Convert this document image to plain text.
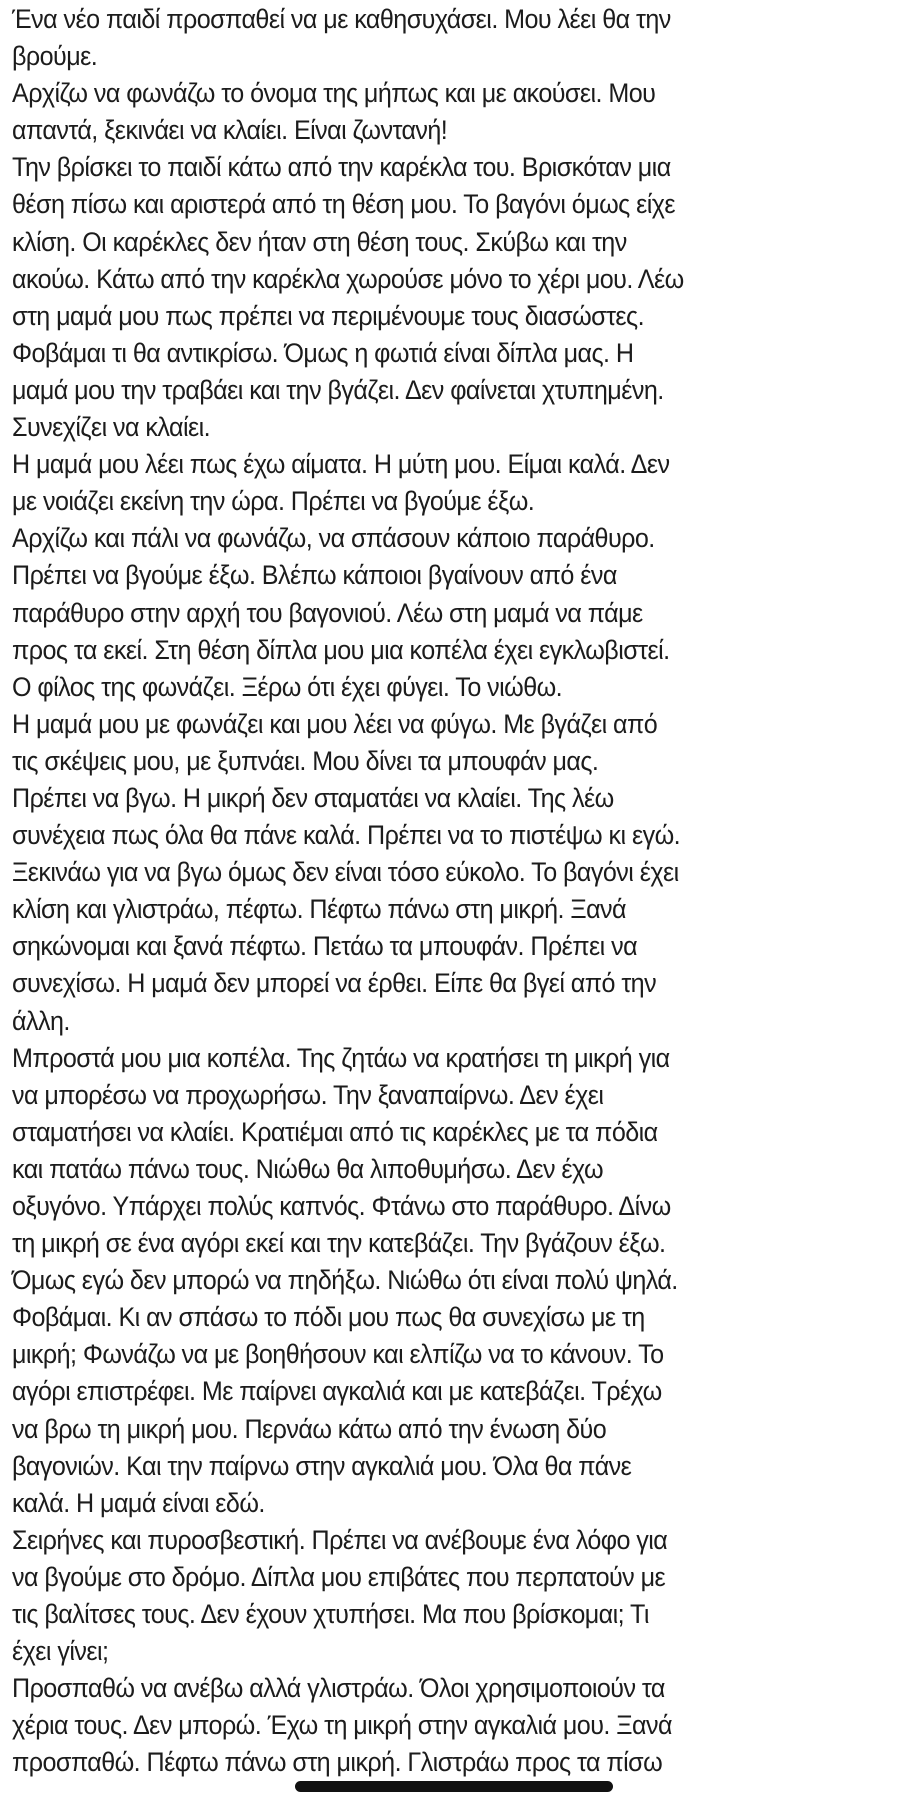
Ένα νέο παιδί προσπαθεί να με καθησυχάσει. Μου λέει θα την
βρούμε.
Αρχίζω να φωνάζω το όνομα της μήπως και με ακούσει. Μου
απαντά, ξεκινάει να κλαίει. Είναι ζωντανή!
Την βρίσκει το παιδί κάτω από την καρέκλα του. Βρισκόταν μια
θέση πίσω και αριστερά από τη θέση μου. Το βαγόνι όμως είχε
κλίση. Οι καρέκλες δεν ήταν στη θέση τους. Σκύβω και την
ακούω. Κάτω από την καρέκλα χωρούσε μόνο το χέρι μου. Λέω
στη μαμά μου πως πρέπει να περιμένουμε τους διασώστες.
Φοβάμαι τι θα αντικρίσω. Όμως η φωτιά είναι δίπλα μας. Η
μαμά μου την τραβάει και την βγάζει. Δεν φαίνεται χτυπημένη.
Συνεχίζει να κλαίει.
Η μαμά μου λέει πως έχω αίματα. Η μύτη μου. Είμαι καλά. Δεν
με νοιάζει εκείνη την ώρα. Πρέπει να βγούμε έξω.
Αρχίζω και πάλι να φωνάζω, να σπάσουν κάποιο παράθυρο.
Πρέπει να βγούμε έξω. Βλέπω κάποιοι βγαίνουν από ένα
παράθυρο στην αρχή του βαγονιού. Λέω στη μαμά να πάμε
προς τα εκεί. Στη θέση δίπλα μου μια κοπέλα έχει εγκλωβιστεί.
Ο φίλος της φωνάζει. Ξέρω ότι έχει φύγει. Το νιώθω.
Η μαμά μου με φωνάζει και μου λέει να φύγω. Με βγάζει από
τις σκέψεις μου, με ξυπνάει. Μου δίνει τα μπουφάν μας.
Πρέπει να βγω. Η μικρή δεν σταματάει να κλαίει. Της λέω
συνέχεια πως όλα θα πάνε καλά. Πρέπει να το πιστέψω κι εγώ.
Ξεκινάω για να βγω όμως δεν είναι τόσο εύκολο. Το βαγόνι έχει
κλίση και γλιστράω, πέφτω. Πέφτω πάνω στη μικρή. Ξανά
σηκώνομαι και ξανά πέφτω. Πετάω τα μπουφάν. Πρέπει να
συνεχίσω. Η μαμά δεν μπορεί να έρθει. Είπε θα βγεί από την
άλλη.
Μπροστά μου μια κοπέλα. Της ζητάω να κρατήσει τη μικρή για
να μπορέσω να προχωρήσω. Την ξαναπαίρνω. Δεν έχει
σταματήσει να κλαίει. Κρατιέμαι από τις καρέκλες με τα πόδια
και πατάω πάνω τους. Νιώθω θα λιποθυμήσω. Δεν έχω
οξυγόνο. Υπάρχει πολύς καπνός. Φτάνω στο παράθυρο. Δίνω
τη μικρή σε ένα αγόρι εκεί και την κατεβάζει. Την βγάζουν έξω.
Όμως εγώ δεν μπορώ να πηδήξω. Νιώθω ότι είναι πολύ ψηλά.
Φοβάμαι. Κι αν σπάσω το πόδι μου πως θα συνεχίσω με τη
μικρή; Φωνάζω να με βοηθήσουν και ελπίζω να το κάνουν. Το
αγόρι επιστρέφει. Με παίρνει αγκαλιά και με κατεβάζει. Τρέχω
να βρω τη μικρή μου. Περνάω κάτω από την ένωση δύο
βαγονιών. Και την παίρνω στην αγκαλιά μου. Όλα θα πάνε
καλά. Η μαμά είναι εδώ.
Σειρήνες και πυροσβεστική. Πρέπει να ανέβουμε ένα λόφο για
να βγούμε στο δρόμο. Δίπλα μου επιβάτες που περπατούν με
τις βαλίτσες τους. Δεν έχουν χτυπήσει. Μα που βρίσκομαι; Τι
έχει γίνει;
Προσπαθώ να ανέβω αλλά γλιστράω. Όλοι χρησιμοποιούν τα
χέρια τους. Δεν μπορώ. Έχω τη μικρή στην αγκαλιά μου. Ξανά
προσπαθώ. Πέφτω πάνω στη μικρή. Γλιστράω προς τα πίσω
